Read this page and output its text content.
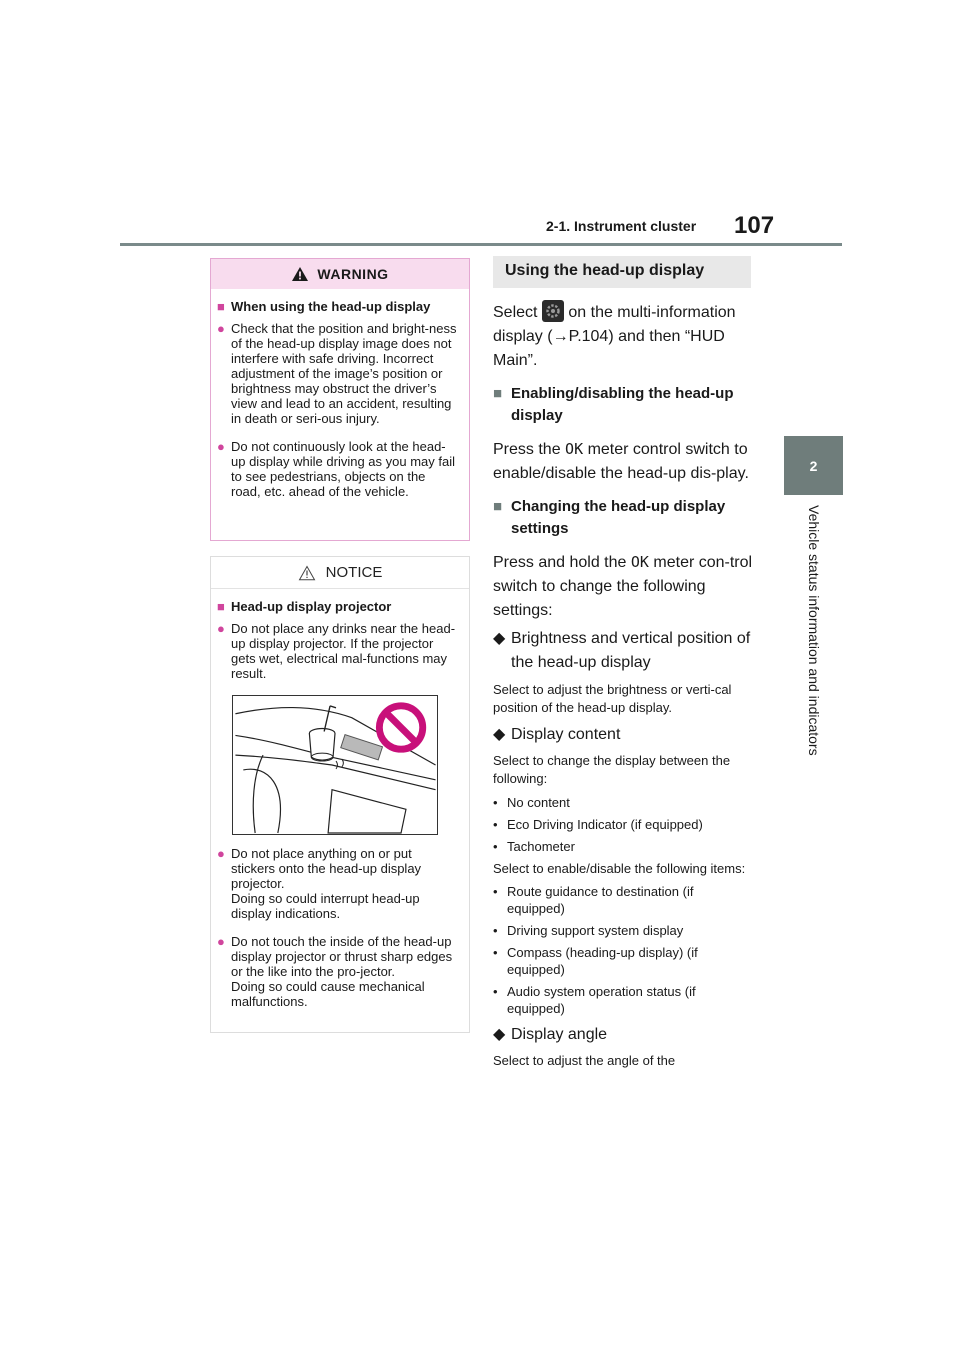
2-1. Instrument cluster 107
2
Vehicle status information and indicators
WARNING
■ When using the head-up display
● Check that the position and bright-ness of the head-up display image does not interfere with safe driving. Incorrect adjustment of the image’s position or brightness may obstruct the driver’s view and lead to an accident, resulting in death or seri-ous injury.
● Do not continuously look at the head-up display while driving as you may fail to see pedestrians, objects on the road, etc. ahead of the vehicle.
NOTICE
■ Head-up display projector
● Do not place any drinks near the head-up display projector. If the projector gets wet, electrical mal-functions may result.
● Do not place anything on or put stickers onto the head-up display projector.
Doing so could interrupt head-up display indications.
● Do not touch the inside of the head-up display projector or thrust sharp edges or the like into the pro-jector.
Doing so could cause mechanical malfunctions.
Using the head-up display

Select on the multi-information display (→P.104) and then “HUD Main”.

■ Enabling/disabling the head-up display

Press the OK meter control switch to enable/disable the head-up dis-play.

■ Changing the head-up display settings

Press and hold the OK meter con-trol switch to change the following settings:

◆ Brightness and vertical position of the head-up display

Select to adjust the brightness or verti-cal position of the head-up display.

◆ Display content

Select to change the display between the following:

• No content
• Eco Driving Indicator (if equipped)
• Tachometer

Select to enable/disable the following items:

• Route guidance to destination (if equipped)
• Driving support system display
• Compass (heading-up display) (if equipped)
• Audio system operation status (if equipped)
◆ Display angle

Select to adjust the angle of the
